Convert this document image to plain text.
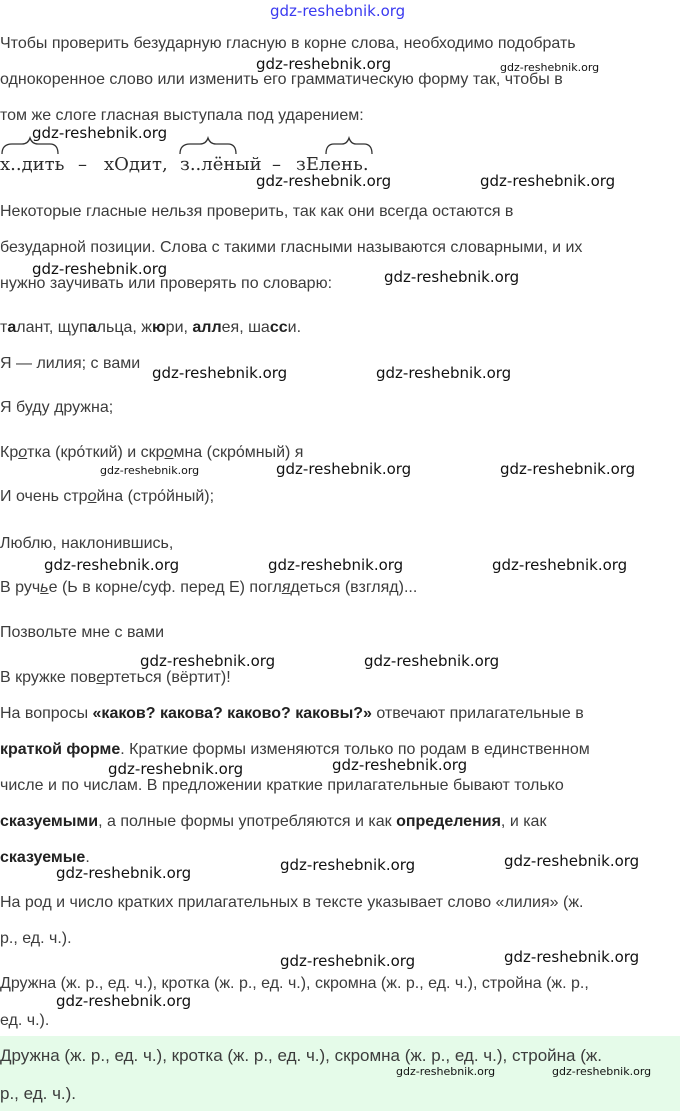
gdz-reshebnik.org
Чтобы проверить безударную гласную в корне слова, необходимо подобрать
однокоренное слово или изменить его грамматическую форму так, чтобы в
том же слоге гласная выступала под ударением:
х..дить – хОдит, з..лёный – зЕлень.
Некоторые гласные нельзя проверить, так как они всегда остаются в
безударной позиции. Слова с такими гласными называются словарными, и их
нужно заучивать или проверять по словарю:
талант, щупальца, жюри, аллея, шасси.
Я — лилия; с вами
Я буду дружна;
Кротка (кро́ткий) и скромна (скро́мный) я
И очень стройна (стро́йный);
Люблю, наклонившись,
В ручье (Ь в корне/суф. перед Е) поглядеться (взгляд)...
Позвольте мне с вами
В кружке повертеться (вёртит)!
На вопросы «каков? какова? каково? каковы?» отвечают прилагательные в
краткой форме. Краткие формы изменяются только по родам в единственном
числе и по числам. В предложении краткие прилагательные бывают только
сказуемыми, а полные формы употребляются и как определения, и как
сказуемые.
На род и число кратких прилагательных в тексте указывает слово «лилия» (ж.
р., ед. ч.).
Дружна (ж. р., ед. ч.), кротка (ж. р., ед. ч.), скромна (ж. р., ед. ч.), стройна (ж. р.,
ед. ч.).
Дружна (ж. р., ед. ч.), кротка (ж. р., ед. ч.), скромна (ж. р., ед. ч.), стройна (ж.
р., ед. ч.).
gdz-reshebnik.org	gdz-reshebnik.org
gdz-reshebnik.org
gdz-reshebnik.org	gdz-reshebnik.org
gdz-reshebnik.org	gdz-reshebnik.org
gdz-reshebnik.org	gdz-reshebnik.org
gdz-reshebnik.org	gdz-reshebnik.org	gdz-reshebnik.org
gdz-reshebnik.org	gdz-reshebnik.org	gdz-reshebnik.org
gdz-reshebnik.org	gdz-reshebnik.org
gdz-reshebnik.org	gdz-reshebnik.org
gdz-reshebnik.org	gdz-reshebnik.org	gdz-reshebnik.org
gdz-reshebnik.org	gdz-reshebnik.org
gdz-reshebnik.org
gdz-reshebnik.org	gdz-reshebnik.org
